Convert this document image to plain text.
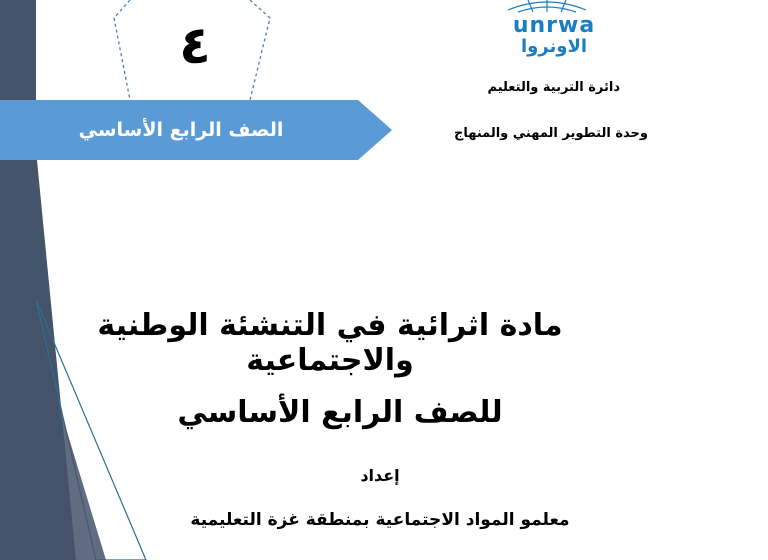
٤
الصف الرابع الأساسي
unrwa
الاونروا
دائرة التربية والتعليم
وحدة التطوير المهني والمنهاج
مادة اثرائية في التنشئة الوطنية والاجتماعية
للصف الرابع الأساسي
إعداد
معلمو المواد الاجتماعية بمنطقة غزة التعليمية
